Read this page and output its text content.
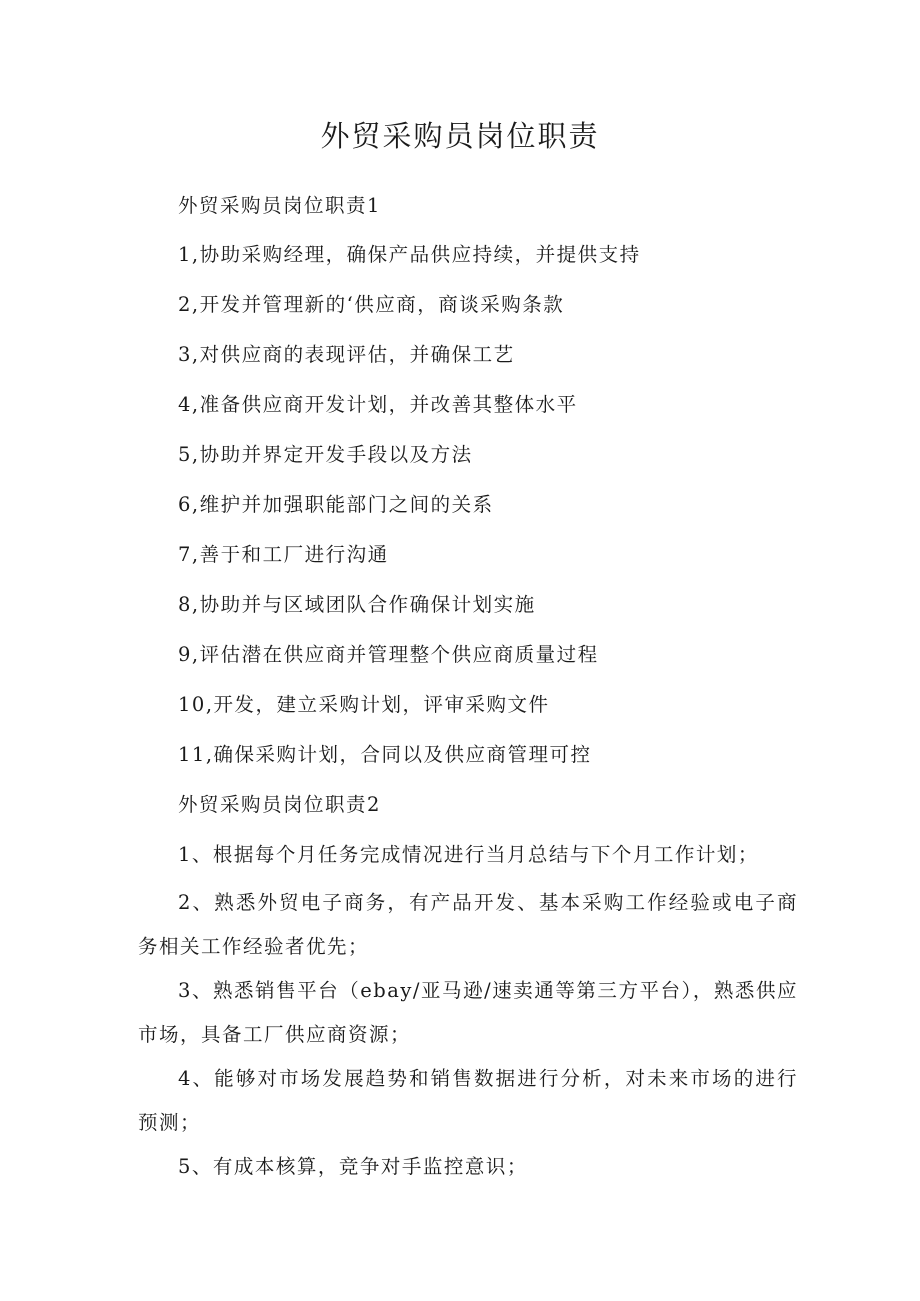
外贸采购员岗位职责

外贸采购员岗位职责1

1,协助采购经理，确保产品供应持续，并提供支持

2,开发并管理新的‘供应商，商谈采购条款

3,对供应商的表现评估，并确保工艺

4,准备供应商开发计划，并改善其整体水平

5,协助并界定开发手段以及方法

6,维护并加强职能部门之间的关系

7,善于和工厂进行沟通

8,协助并与区域团队合作确保计划实施

9,评估潜在供应商并管理整个供应商质量过程

10,开发，建立采购计划，评审采购文件

11,确保采购计划，合同以及供应商管理可控

外贸采购员岗位职责2

1、根据每个月任务完成情况进行当月总结与下个月工作计划；

2、熟悉外贸电子商务，有产品开发、基本采购工作经验或电子商务相关工作经验者优先；

3、熟悉销售平台（ebay/亚马逊/速卖通等第三方平台），熟悉供应市场，具备工厂供应商资源；

4、能够对市场发展趋势和销售数据进行分析，对未来市场的进行预测；

5、有成本核算，竞争对手监控意识；
